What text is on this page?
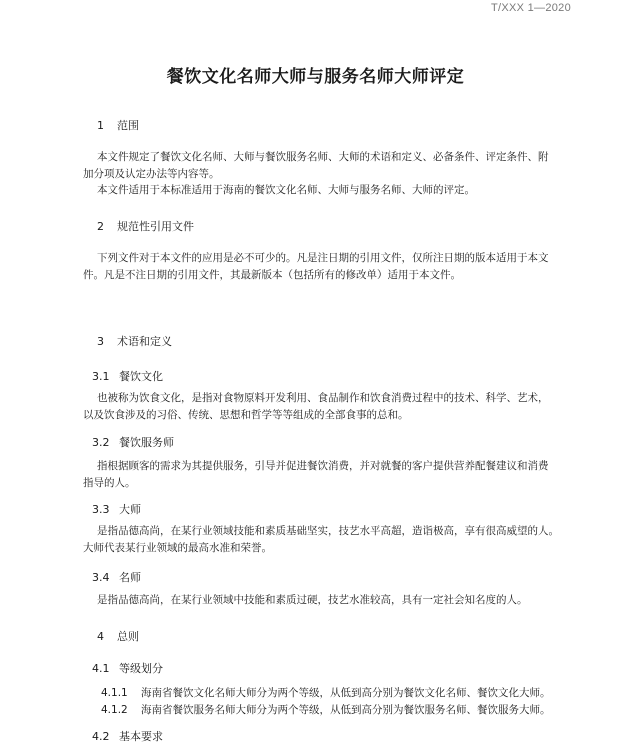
T/XXX 1—2020
餐饮文化名师大师与服务名师大师评定
1 范围
本文件规定了餐饮文化名师、大师与餐饮服务名师、大师的术语和定义、必备条件、评定条件、附
加分项及认定办法等内容等。
本文件适用于本标准适用于海南的餐饮文化名师、大师与服务名师、大师的评定。
2 规范性引用文件
下列文件对于本文件的应用是必不可少的。凡是注日期的引用文件，仅所注日期的版本适用于本文
件。凡是不注日期的引用文件，其最新版本（包括所有的修改单）适用于本文件。
3 术语和定义
3.1 餐饮文化
也被称为饮食文化，是指对食物原料开发利用、食品制作和饮食消费过程中的技术、科学、艺术，
以及饮食涉及的习俗、传统、思想和哲学等等组成的全部食事的总和。
3.2 餐饮服务师
指根据顾客的需求为其提供服务，引导并促进餐饮消费，并对就餐的客户提供营养配餐建议和消费
指导的人。
3.3 大师
是指品德高尚，在某行业领域技能和素质基础坚实，技艺水平高超，造诣极高，享有很高威望的人。
大师代表某行业领域的最高水准和荣誉。
3.4 名师
是指品德高尚，在某行业领域中技能和素质过硬，技艺水准较高，具有一定社会知名度的人。
4 总则
4.1 等级划分
4.1.1 海南省餐饮文化名师大师分为两个等级，从低到高分别为餐饮文化名师、餐饮文化大师。
4.1.2 海南省餐饮服务名师大师分为两个等级，从低到高分别为餐饮服务名师、餐饮服务大师。
4.2 基本要求
